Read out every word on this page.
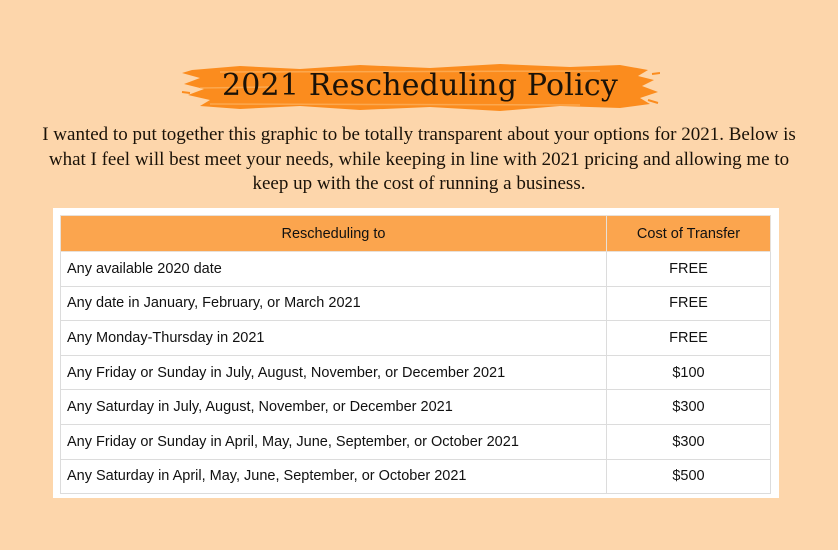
2021 Rescheduling Policy
I wanted to put together this graphic to be totally transparent about your options for 2021. Below is what I feel will best meet your needs, while keeping in line with 2021 pricing and allowing me to keep up with the cost of running a business.
Rescheduling to	Cost of Transfer
Any available 2020 date	FREE
Any date in January, February, or March 2021	FREE
Any Monday-Thursday in 2021	FREE
Any Friday or Sunday in July, August, November, or December 2021	$100
Any Saturday in July, August, November, or December 2021	$300
Any Friday or Sunday in April, May, June, September, or October 2021	$300
Any Saturday in April, May, June, September, or October 2021	$500
